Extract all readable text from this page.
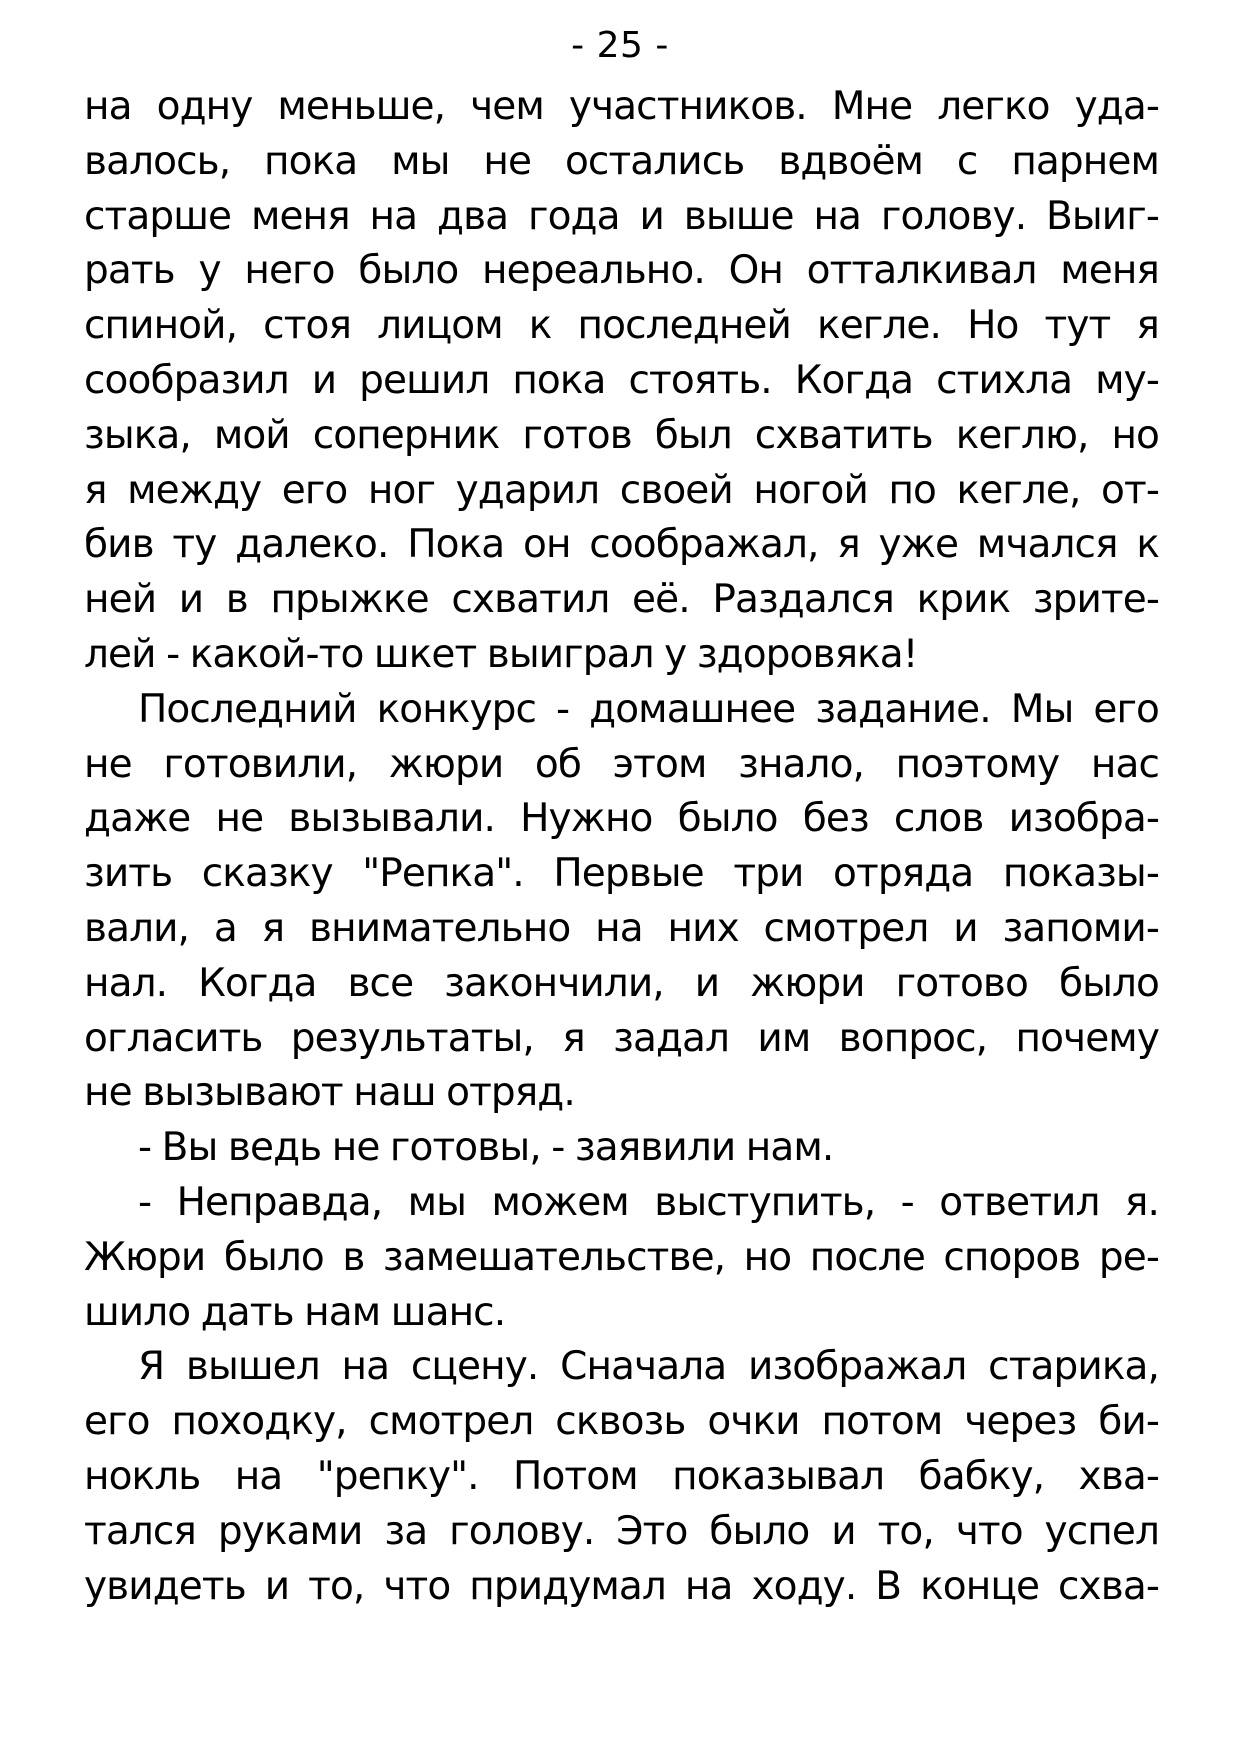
- 25 -
на одну меньше, чем участников. Мне легко уда-
валось, пока мы не остались вдвоём с парнем
старше меня на два года и выше на голову. Выиг-
рать у него было нереально. Он отталкивал меня
спиной, стоя лицом к последней кегле. Но тут я
сообразил и решил пока стоять. Когда стихла му-
зыка, мой соперник готов был схватить кеглю, но
я между его ног ударил своей ногой по кегле, от-
бив ту далеко. Пока он соображал, я уже мчался к
ней и в прыжке схватил её. Раздался крик зрите-
лей - какой-то шкет выиграл у здоровяка!
Последний конкурс - домашнее задание. Мы его
не готовили, жюри об этом знало, поэтому нас
даже не вызывали. Нужно было без слов изобра-
зить сказку "Репка". Первые три отряда показы-
вали, а я внимательно на них смотрел и запоми-
нал. Когда все закончили, и жюри готово было
огласить результаты, я задал им вопрос, почему
не вызывают наш отряд.
- Вы ведь не готовы, - заявили нам.
- Неправда, мы можем выступить, - ответил я.
Жюри было в замешательстве, но после споров ре-
шило дать нам шанс.
Я вышел на сцену. Сначала изображал старика,
его походку, смотрел сквозь очки потом через би-
нокль на "репку". Потом показывал бабку, хва-
тался руками за голову. Это было и то, что успел
увидеть и то, что придумал на ходу. В конце схва-
